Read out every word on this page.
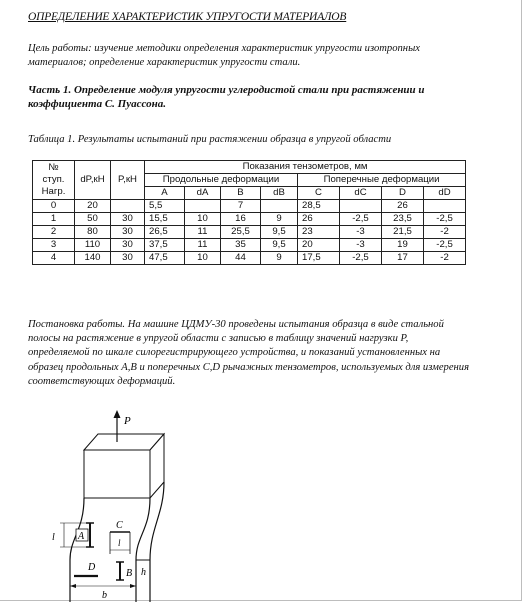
ОПРЕДЕЛЕНИЕ ХАРАКТЕРИСТИК УПРУГОСТИ МАТЕРИАЛОВ
Цель работы: изучение методики определения характеристик упругости изотропных
материалов; определение характеристик упругости стали.
Часть 1. Определение модуля упругости углеродистой стали при растяжении и
коэффициента С. Пуассона.
Таблица 1. Результаты испытаний при растяжении образца в упругой области
№
ступ.
Нагр.	dP,кН	P,кН	Показания тензометров, мм							
			Продольные деформации				Поперечные деформации			
			A	dA	B	dB	C	dC	D	dD
0	20		5,5		7		28,5		26	
1	50	30	15,5	10	16	9	26	-2,5	23,5	-2,5
2	80	30	26,5	11	25,5	9,5	23	-3	21,5	-2
3	110	30	37,5	11	35	9,5	20	-3	19	-2,5
4	140	30	47,5	10	44	9	17,5	-2,5	17	-2
Постановка работы. На машине ЦДМУ-30 проведены испытания образца в виде стальной
полосы на растяжение в упругой области с записью в таблицу значений нагрузки P,
определяемой по шкале силорегистрирующего устройства, и показаний установленных на
образец продольных A,B и поперечных C,D рычажных тензометров, используемых для измерения
соответствующих деформаций.
P
A
l
C
l
D
B
b
h
